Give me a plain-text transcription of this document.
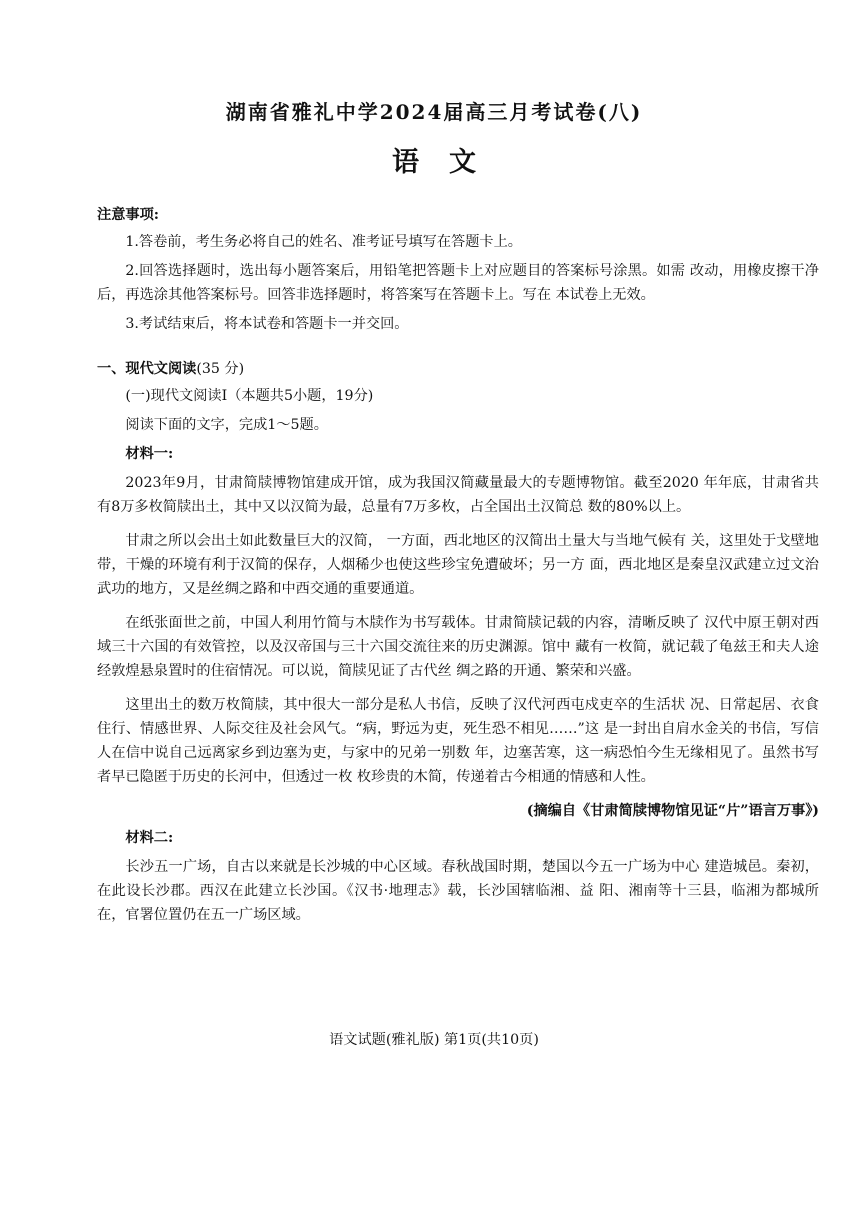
湖南省雅礼中学2024届高三月考试卷(八)
语文

注意事项:

1.答卷前，考生务必将自己的姓名、准考证号填写在答题卡上。

2.回答选择题时，选出每小题答案后，用铅笔把答题卡上对应题目的答案标号涂黑。如需 改动，用橡皮擦干净后，再选涂其他答案标号。回答非选择题时，将答案写在答题卡上。写在 本试卷上无效。

3.考试结束后，将本试卷和答题卡一并交回。

一、现代文阅读(35 分)

(一)现代文阅读I（本题共5小题，19分)

阅读下面的文字，完成1～5题。

材料一:

2023年9月，甘肃简牍博物馆建成开馆，成为我国汉简藏量最大的专题博物馆。截至2020 年年底，甘肃省共有8万多枚简牍出土，其中又以汉简为最，总量有7万多枚，占全国出土汉简总 数的80%以上。

甘肃之所以会出土如此数量巨大的汉简， 一方面，西北地区的汉简出土量大与当地气候有 关，这里处于戈壁地带，干燥的环境有利于汉简的保存，人烟稀少也使这些珍宝免遭破坏；另一方 面，西北地区是秦皇汉武建立过文治武功的地方，又是丝绸之路和中西交通的重要通道。

在纸张面世之前，中国人利用竹简与木牍作为书写载体。甘肃简牍记载的内容，清晰反映了 汉代中原王朝对西域三十六国的有效管控，以及汉帝国与三十六国交流往来的历史渊源。馆中 藏有一枚简，就记载了龟兹王和夫人途经敦煌悬泉置时的住宿情况。可以说，简牍见证了古代丝 绸之路的开通、繁荣和兴盛。

这里出土的数万枚简牍，其中很大一部分是私人书信，反映了汉代河西屯戍吏卒的生活状 况、日常起居、衣食住行、情感世界、人际交往及社会风气。“病，野远为吏，死生恐不相见……”这 是一封出自肩水金关的书信，写信人在信中说自己远离家乡到边塞为吏，与家中的兄弟一别数 年，边塞苦寒，这一病恐怕今生无缘相见了。虽然书写者早已隐匿于历史的长河中，但透过一枚 枚珍贵的木简，传递着古今相通的情感和人性。

(摘编自《甘肃简牍博物馆见证“片”语言万事》)

材料二:

长沙五一广场，自古以来就是长沙城的中心区域。春秋战国时期，楚国以今五一广场为中心 建造城邑。秦初，在此设长沙郡。西汉在此建立长沙国。《汉书·地理志》载，长沙国辖临湘、益 阳、湘南等十三县，临湘为都城所在，官署位置仍在五一广场区域。

语文试题(雅礼版) 第1页(共10页)
